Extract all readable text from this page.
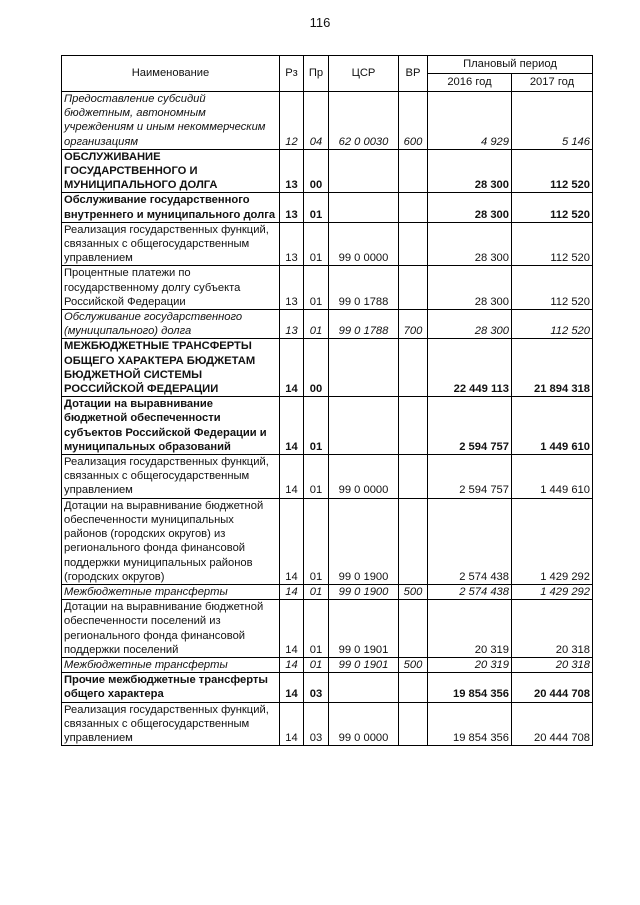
116
Наименование	Рз	Пр	ЦСР	ВР	Плановый период	
					2016 год	2017 год
Предоставление субсидий бюджетным, автономным учреждениям и иным некоммерческим организациям	12	04	62 0 0030	600	4 929	5 146
ОБСЛУЖИВАНИЕ ГОСУДАРСТВЕННОГО И МУНИЦИПАЛЬНОГО ДОЛГА	13	00			28 300	112 520
Обслуживание государственного внутреннего и муниципального долга	13	01			28 300	112 520
Реализация государственных функций, связанных с общегосударственным управлением	13	01	99 0 0000		28 300	112 520
Процентные платежи по государственному долгу субъекта Российской Федерации	13	01	99 0 1788		28 300	112 520
Обслуживание государственного (муниципального) долга	13	01	99 0 1788	700	28 300	112 520
МЕЖБЮДЖЕТНЫЕ ТРАНСФЕРТЫ ОБЩЕГО ХАРАКТЕРА БЮДЖЕТАМ БЮДЖЕТНОЙ СИСТЕМЫ РОССИЙСКОЙ ФЕДЕРАЦИИ	14	00			22 449 113	21 894 318
Дотации на выравнивание бюджетной обеспеченности субъектов Российской Федерации и муниципальных образований	14	01			2 594 757	1 449 610
Реализация государственных функций, связанных с общегосударственным управлением	14	01	99 0 0000		2 594 757	1 449 610
Дотации на выравнивание бюджетной обеспеченности муниципальных районов (городских округов) из регионального фонда финансовой поддержки муниципальных районов (городских округов)	14	01	99 0 1900		2 574 438	1 429 292
Межбюджетные трансферты	14	01	99 0 1900	500	2 574 438	1 429 292
Дотации на выравнивание бюджетной обеспеченности поселений из регионального фонда финансовой поддержки поселений	14	01	99 0 1901		20 319	20 318
Межбюджетные трансферты	14	01	99 0 1901	500	20 319	20 318
Прочие межбюджетные трансферты общего характера	14	03			19 854 356	20 444 708
Реализация государственных функций, связанных с общегосударственным управлением	14	03	99 0 0000		19 854 356	20 444 708
